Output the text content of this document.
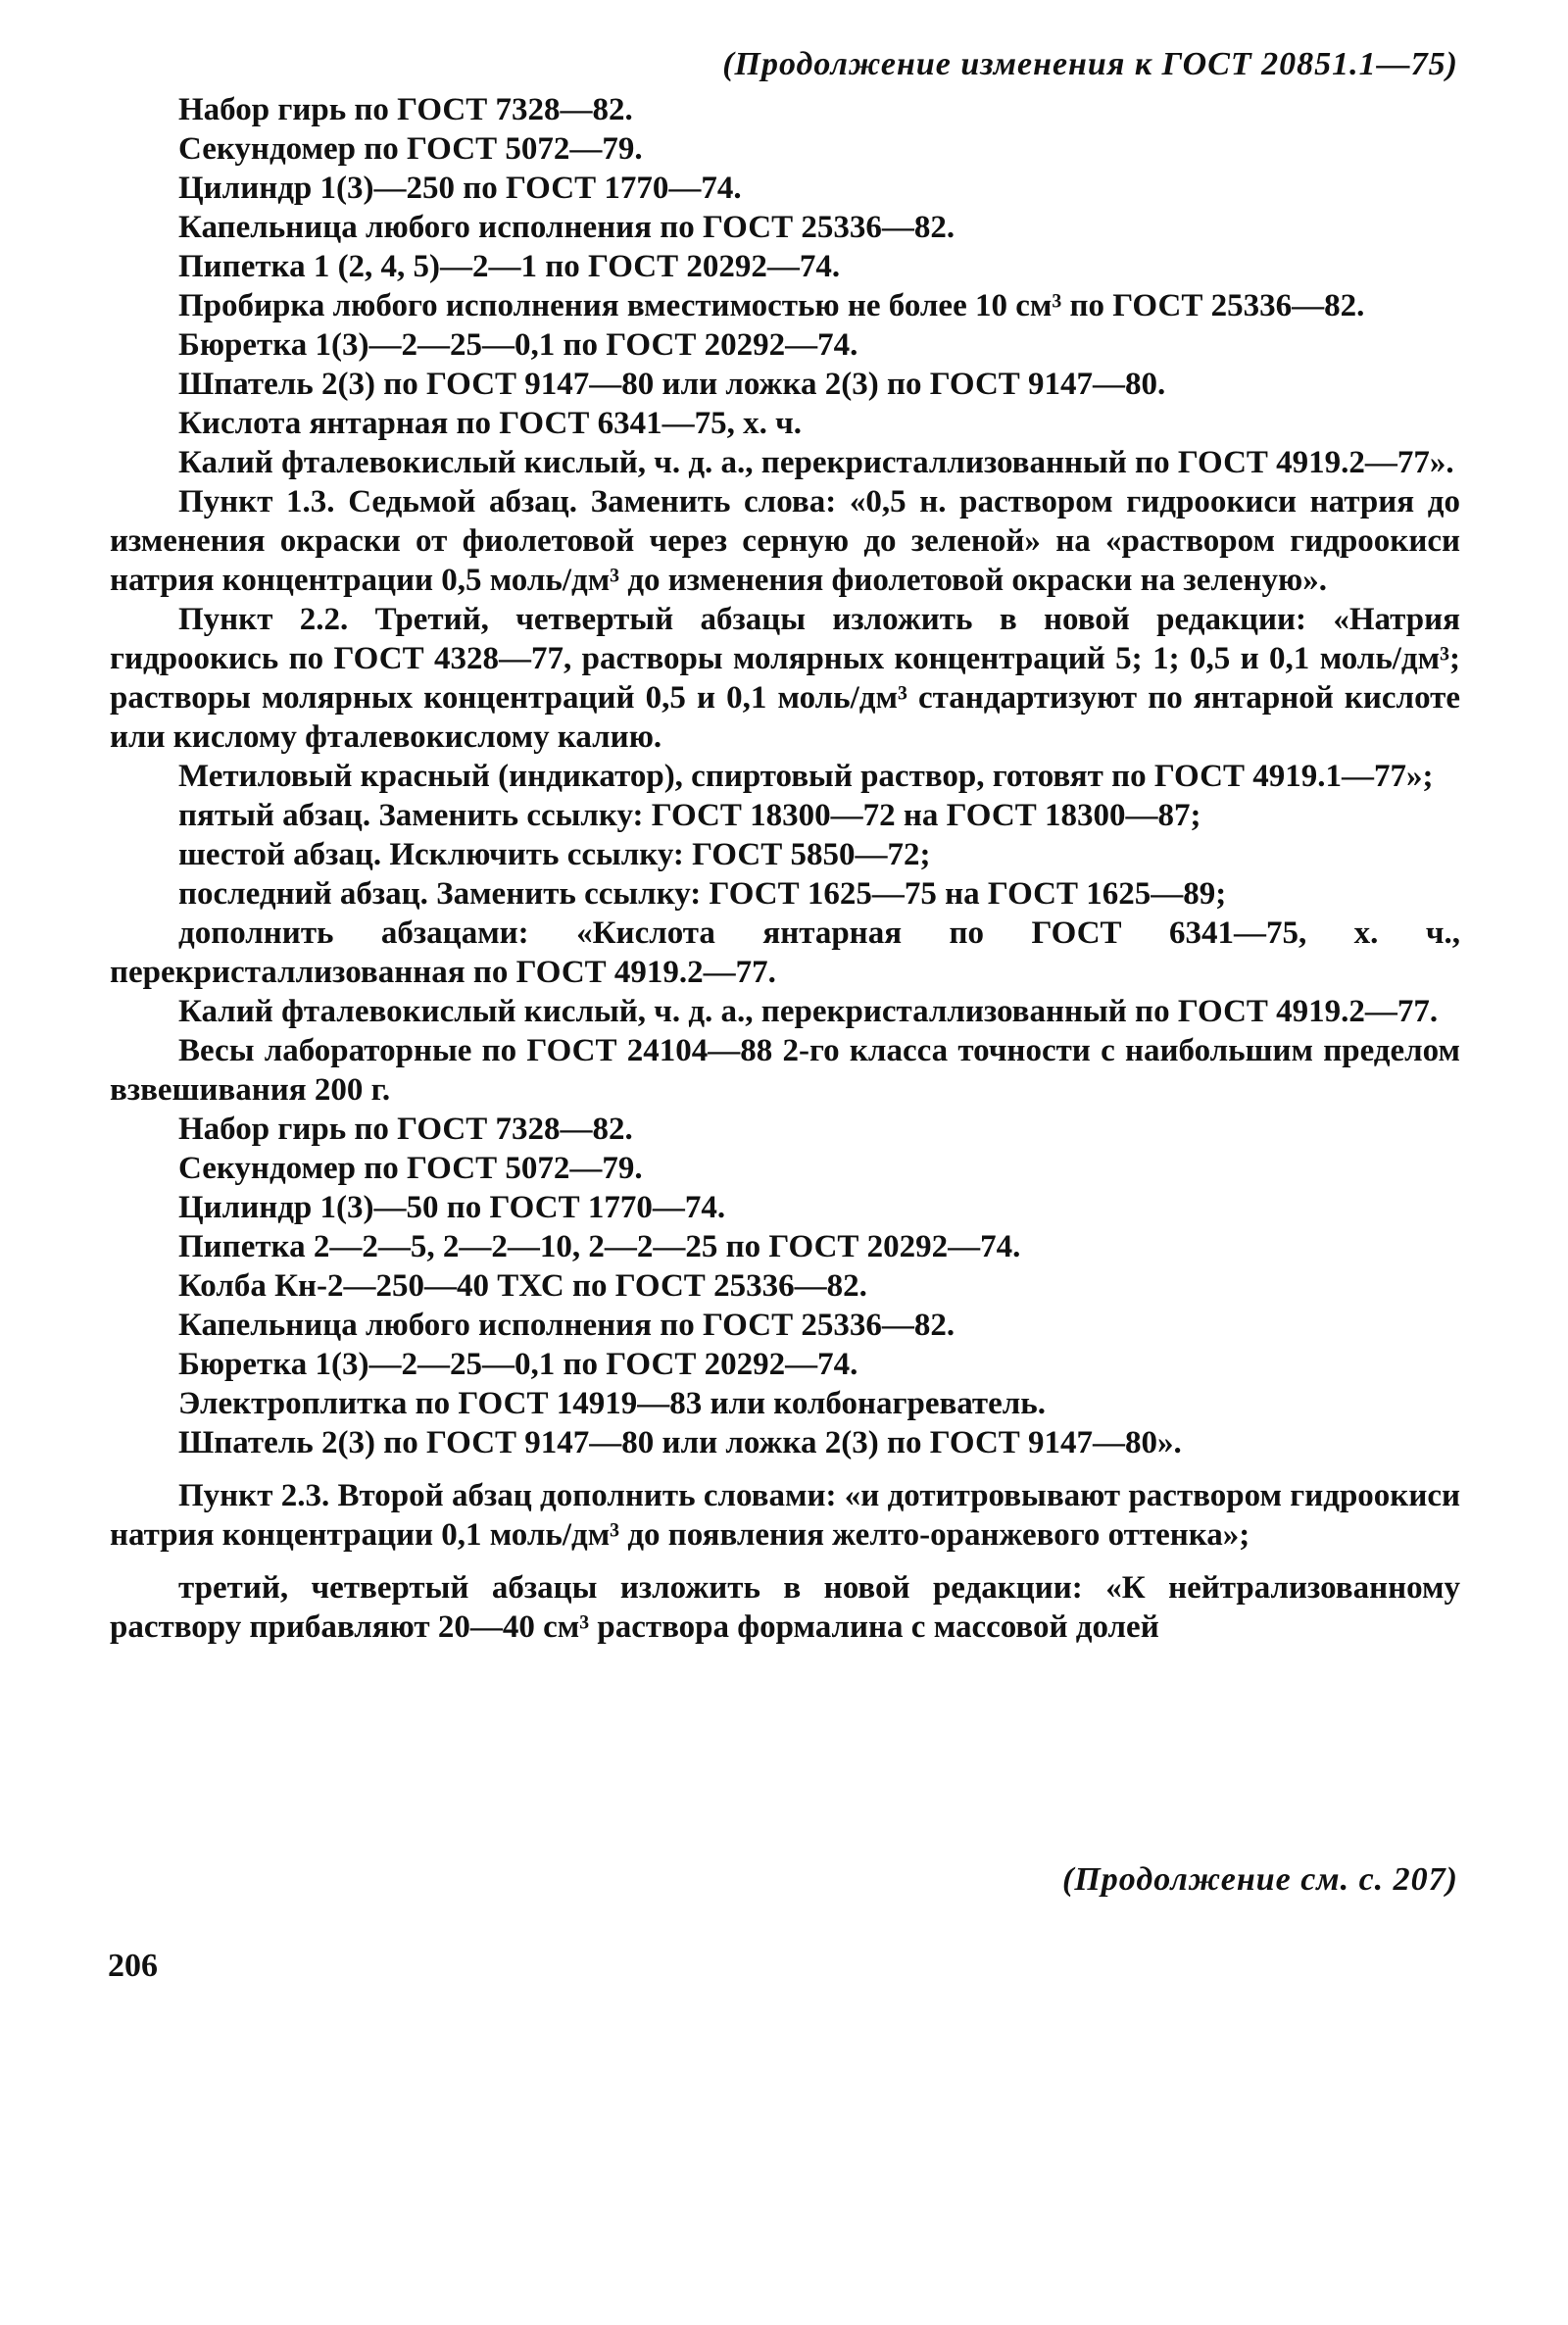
(Продолжение изменения к ГОСТ 20851.1—75)

Набор гирь по ГОСТ 7328—82.

Секундомер по ГОСТ 5072—79.

Цилиндр 1(3)—250 по ГОСТ 1770—74.

Капельница любого исполнения по ГОСТ 25336—82.

Пипетка 1 (2, 4, 5)—2—1 по ГОСТ 20292—74.

Пробирка любого исполнения вместимостью не более 10 см³ по ГОСТ 25336—82.

Бюретка 1(3)—2—25—0,1 по ГОСТ 20292—74.

Шпатель 2(3) по ГОСТ 9147—80 или ложка 2(3) по ГОСТ 9147—80.

Кислота янтарная по ГОСТ 6341—75, х. ч.

Калий фталевокислый кислый, ч. д. а., перекристаллизованный по ГОСТ 4919.2—77».

Пункт 1.3. Седьмой абзац. Заменить слова: «0,5 н. раствором гидроокиси натрия до изменения окраски от фиолетовой через серную до зеленой» на «раствором гидроокиси натрия концентрации 0,5 моль/дм³ до изменения фиолетовой окраски на зеленую».

Пункт 2.2. Третий, четвертый абзацы изложить в новой редакции: «Натрия гидроокись по ГОСТ 4328—77, растворы молярных концентраций 5; 1; 0,5 и 0,1 моль/дм³; растворы молярных концентраций 0,5 и 0,1 моль/дм³ стандартизуют по янтарной кислоте или кислому фталевокислому калию.

Метиловый красный (индикатор), спиртовый раствор, готовят по ГОСТ 4919.1—77»;

пятый абзац. Заменить ссылку: ГОСТ 18300—72 на ГОСТ 18300—87;

шестой абзац. Исключить ссылку: ГОСТ 5850—72;

последний абзац. Заменить ссылку: ГОСТ 1625—75 на ГОСТ 1625—89;

дополнить абзацами: «Кислота янтарная по ГОСТ 6341—75, х. ч., перекристаллизованная по ГОСТ 4919.2—77.

Калий фталевокислый кислый, ч. д. а., перекристаллизованный по ГОСТ 4919.2—77.

Весы лабораторные по ГОСТ 24104—88 2-го класса точности с наибольшим пределом взвешивания 200 г.

Набор гирь по ГОСТ 7328—82.

Секундомер по ГОСТ 5072—79.

Цилиндр 1(3)—50 по ГОСТ 1770—74.

Пипетка 2—2—5, 2—2—10, 2—2—25 по ГОСТ 20292—74.

Колба Кн-2—250—40 ТХС по ГОСТ 25336—82.

Капельница любого исполнения по ГОСТ 25336—82.

Бюретка 1(3)—2—25—0,1 по ГОСТ 20292—74.

Электроплитка по ГОСТ 14919—83 или колбонагреватель.

Шпатель 2(3) по ГОСТ 9147—80 или ложка 2(3) по ГОСТ 9147—80».

Пункт 2.3. Второй абзац дополнить словами: «и дотитровывают раствором гидроокиси натрия концентрации 0,1 моль/дм³ до появления желто-оранжевого оттенка»;

третий, четвертый абзацы изложить в новой редакции: «К нейтрализованному раствору прибавляют 20—40 см³ раствора формалина с массовой долей

(Продолжение см. с. 207)
206
